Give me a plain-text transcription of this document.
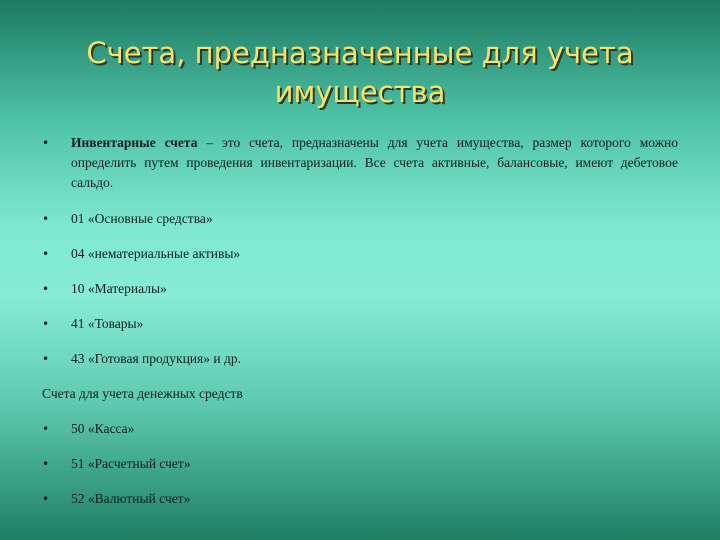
Счета, предназначенные для учета
имущества
• Инвентарные счета – это счета, предназначены для учета имущества, размер которого можно определить путем проведения инвентаризации. Все счета активные, балансовые, имеют дебетовое сальдо.
• 01 «Основные средства»
• 04 «нематериальные активы»
• 10 «Материалы»
• 41 «Товары»
• 43 «Готовая продукция» и др.
Счета для учета денежных средств
• 50 «Касса»
• 51 «Расчетный счет»
• 52 «Валютный счет»
